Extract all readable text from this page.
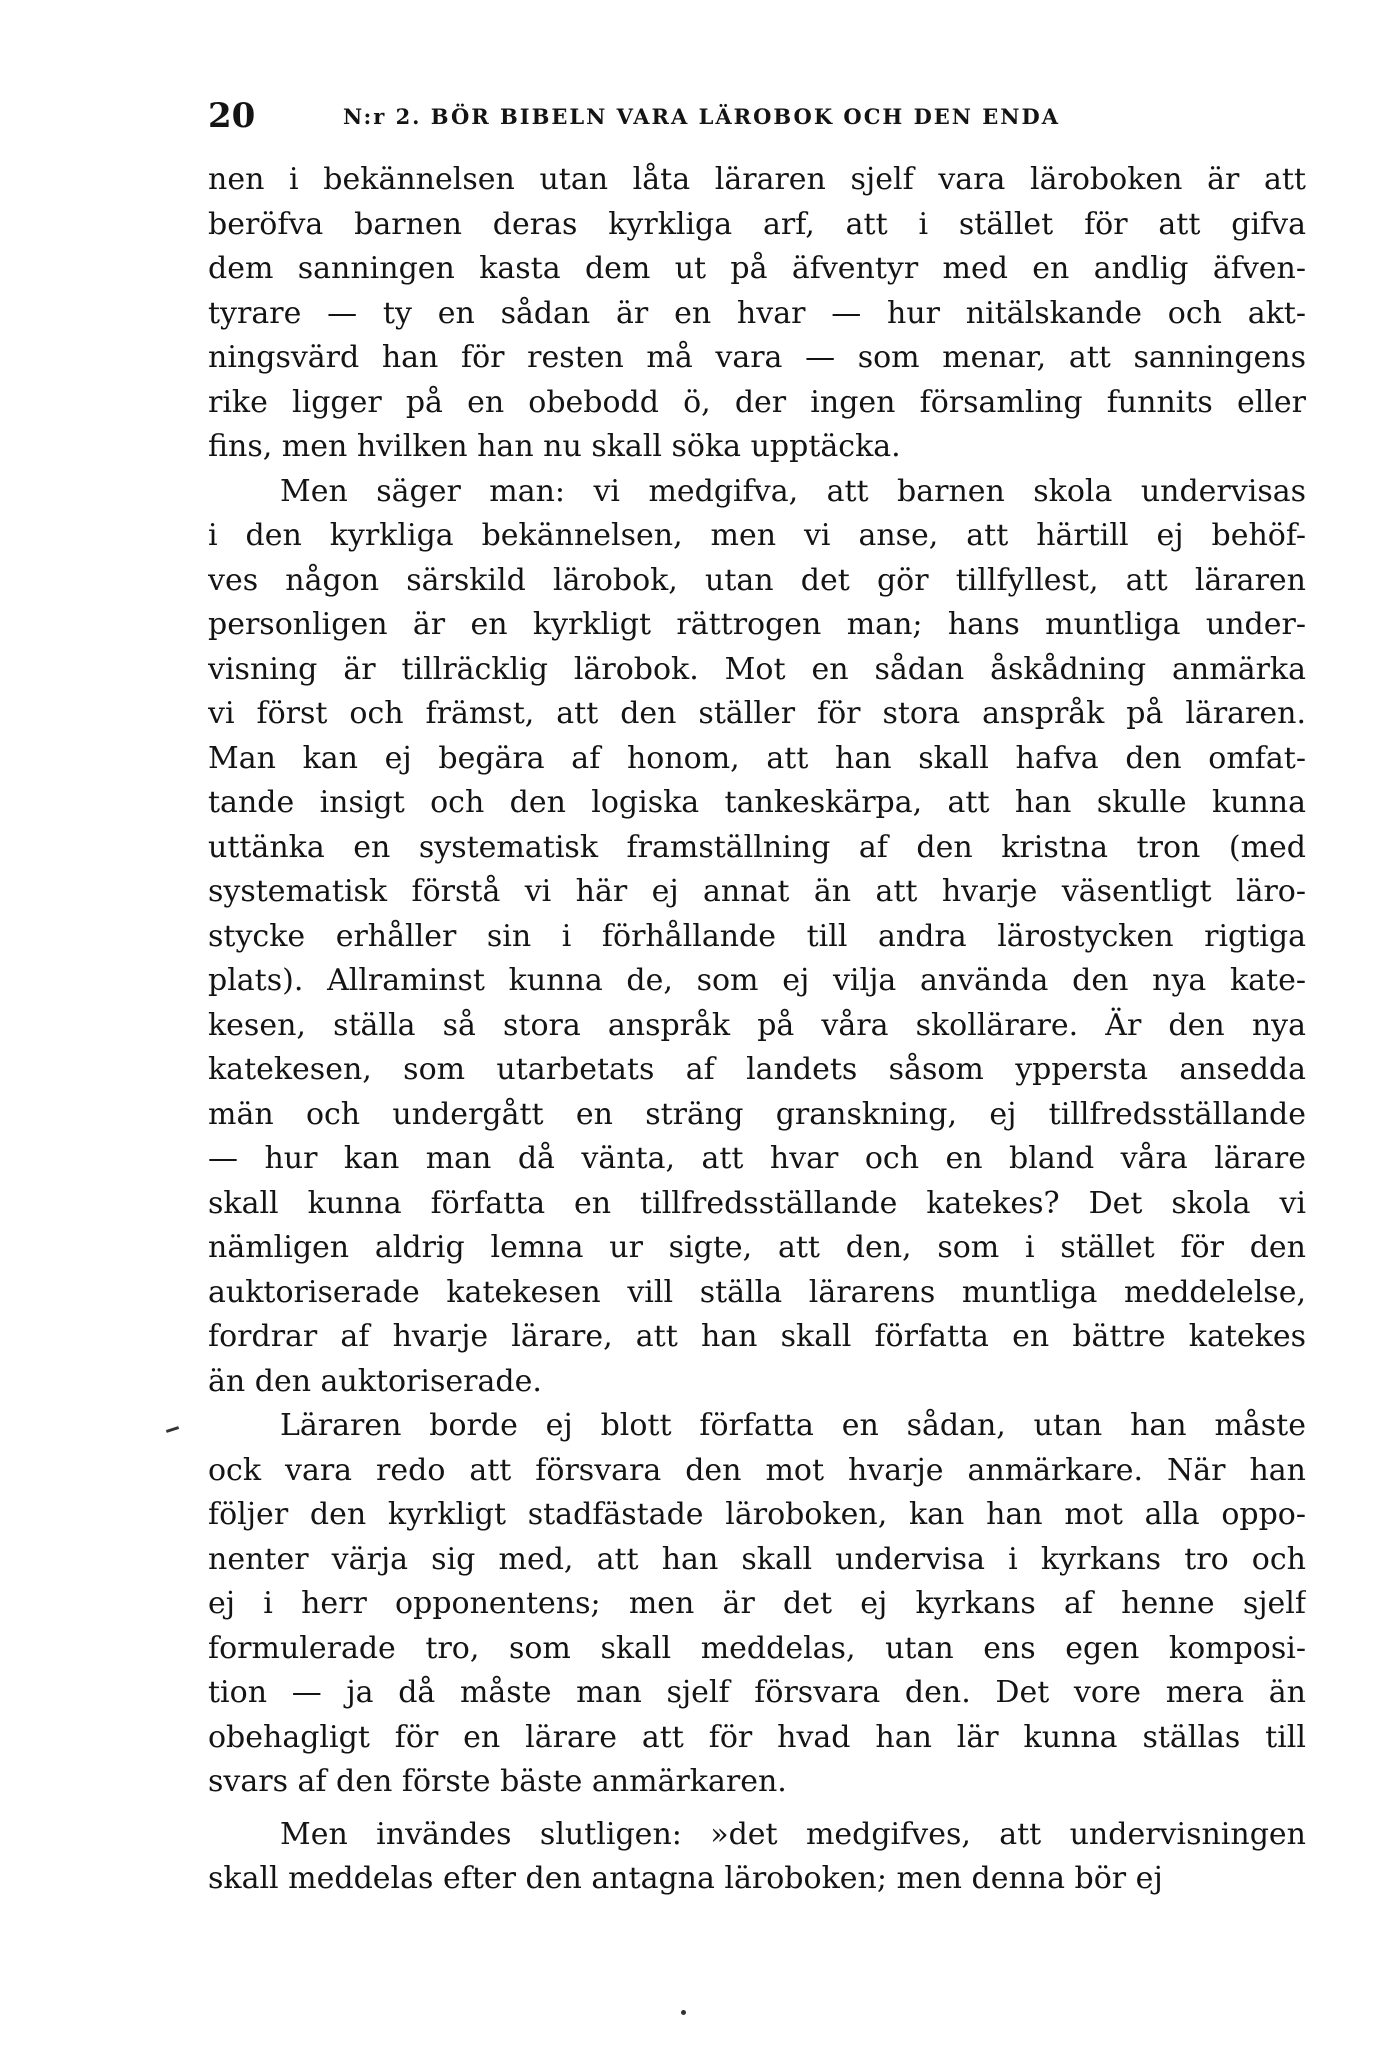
20	N:r 2. BÖR BIBELN VARA LÄROBOK OCH DEN ENDA
nen i bekännelsen utan låta läraren sjelf vara läroboken är att
beröfva barnen deras kyrkliga arf, att i stället för att gifva
dem sanningen kasta dem ut på äfventyr med en andlig äfven-
tyrare — ty en sådan är en hvar — hur nitälskande och akt-
ningsvärd han för resten må vara — som menar, att sanningens
rike ligger på en obebodd ö, der ingen församling funnits eller
fins, men hvilken han nu skall söka upptäcka.
Men säger man: vi medgifva, att barnen skola undervisas
i den kyrkliga bekännelsen, men vi anse, att härtill ej behöf-
ves någon särskild lärobok, utan det gör tillfyllest, att läraren
personligen är en kyrkligt rättrogen man; hans muntliga under-
visning är tillräcklig lärobok. Mot en sådan åskådning anmärka
vi först och främst, att den ställer för stora anspråk på läraren.
Man kan ej begära af honom, att han skall hafva den omfat-
tande insigt och den logiska tankeskärpa, att han skulle kunna
uttänka en systematisk framställning af den kristna tron (med
systematisk förstå vi här ej annat än att hvarje väsentligt läro-
stycke erhåller sin i förhållande till andra lärostycken rigtiga
plats). Allraminst kunna de, som ej vilja använda den nya kate-
kesen, ställa så stora anspråk på våra skollärare. Är den nya
katekesen, som utarbetats af landets såsom yppersta ansedda
män och undergått en sträng granskning, ej tillfredsställande
— hur kan man då vänta, att hvar och en bland våra lärare
skall kunna författa en tillfredsställande katekes? Det skola vi
nämligen aldrig lemna ur sigte, att den, som i stället för den
auktoriserade katekesen vill ställa lärarens muntliga meddelelse,
fordrar af hvarje lärare, att han skall författa en bättre katekes
än den auktoriserade.
Läraren borde ej blott författa en sådan, utan han måste
ock vara redo att försvara den mot hvarje anmärkare. När han
följer den kyrkligt stadfästade läroboken, kan han mot alla oppo-
nenter värja sig med, att han skall undervisa i kyrkans tro och
ej i herr opponentens; men är det ej kyrkans af henne sjelf
formulerade tro, som skall meddelas, utan ens egen komposi-
tion — ja då måste man sjelf försvara den. Det vore mera än
obehagligt för en lärare att för hvad han lär kunna ställas till
svars af den förste bäste anmärkaren.
Men invändes slutligen: »det medgifves, att undervisningen
skall meddelas efter den antagna läroboken; men denna bör ej
